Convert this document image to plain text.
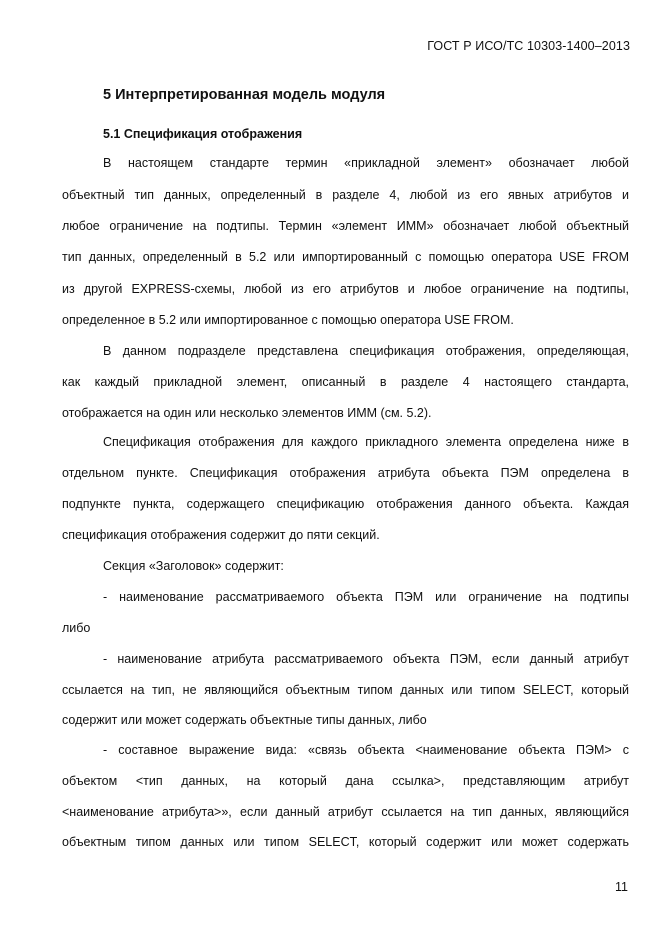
ГОСТ Р ИСО/ТС 10303-1400–2013
5 Интерпретированная модель модуля
5.1 Спецификация отображения
В настоящем стандарте термин «прикладной элемент» обозначает любой
объектный тип данных, определенный в разделе 4, любой из его явных атрибутов и
любое ограничение на подтипы. Термин «элемент ИММ» обозначает любой объектный
тип данных, определенный в 5.2 или импортированный с помощью оператора USE FROM
из другой EXPRESS-схемы, любой из его атрибутов и любое ограничение на подтипы,
определенное в 5.2 или импортированное с помощью оператора USE FROM.
В данном подразделе представлена спецификация отображения, определяющая,
как каждый прикладной элемент, описанный в разделе 4 настоящего стандарта,
отображается на один или несколько элементов ИММ (см. 5.2).
Спецификация отображения для каждого прикладного элемента определена ниже в
отдельном пункте. Спецификация отображения атрибута объекта ПЭМ определена в
подпункте пункта, содержащего спецификацию отображения данного объекта. Каждая
спецификация отображения содержит до пяти секций.
Секция «Заголовок» содержит:
- наименование рассматриваемого объекта ПЭМ или ограничение на подтипы
либо
- наименование атрибута рассматриваемого объекта ПЭМ, если данный атрибут
ссылается на тип, не являющийся объектным типом данных или типом SELECT, который
содержит или может содержать объектные типы данных, либо
- составное выражение вида: «связь объекта <наименование объекта ПЭМ> с
объектом <тип данных, на который дана ссылка>, представляющим атрибут
<наименование атрибута>», если данный атрибут ссылается на тип данных, являющийся
объектным типом данных или типом SELECT, который содержит или может содержать
11
